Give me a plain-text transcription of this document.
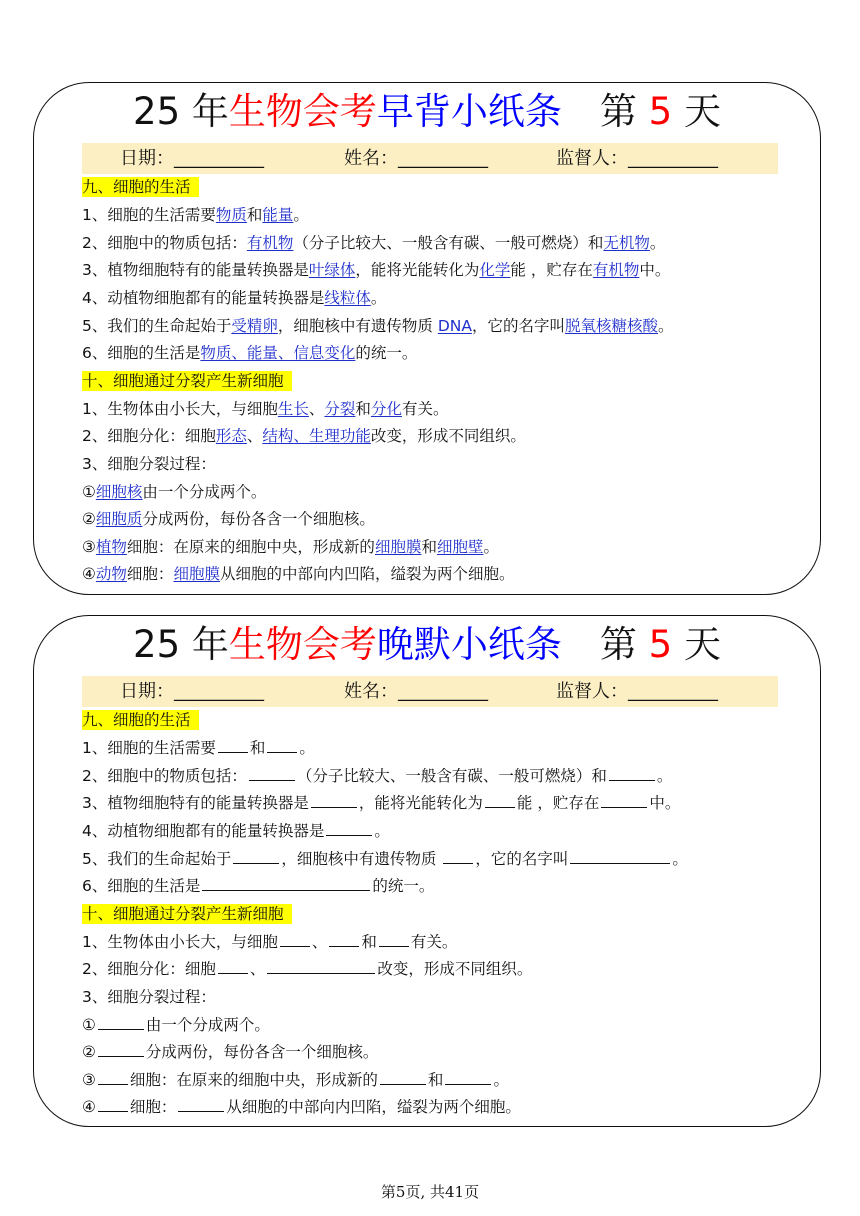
25 年生物会考早背小纸条 第 5 天
日期：__________	姓名：__________	监督人：__________
九、细胞的生活
1、细胞的生活需要物质和能量。
2、细胞中的物质包括：有机物（分子比较大、一般含有碳、一般可燃烧）和无机物。
3、植物细胞特有的能量转换器是叶绿体，能将光能转化为化学能 ，贮存在有机物中。
4、动植物细胞都有的能量转换器是线粒体。
5、我们的生命起始于受精卵，细胞核中有遗传物质 DNA，它的名字叫脱氧核糖核酸。
6、细胞的生活是物质、能量、信息变化的统一。
十、细胞通过分裂产生新细胞
1、生物体由小长大，与细胞生长、分裂和分化有关。
2、细胞分化：细胞形态、结构、生理功能改变，形成不同组织。
3、细胞分裂过程：
①细胞核由一个分成两个。
②细胞质分成两份，每份各含一个细胞核。
③植物细胞：在原来的细胞中央，形成新的细胞膜和细胞壁。
④动物细胞：细胞膜从细胞的中部向内凹陷，缢裂为两个细胞。
25 年生物会考晚默小纸条 第 5 天
日期：__________	姓名：__________	监督人：__________
九、细胞的生活
1、细胞的生活需要 和 。
2、细胞中的物质包括：	（分子比较大、一般含有碳、一般可燃烧）和	。
3、植物细胞特有的能量转换器是	，能将光能转化为 能 ，贮存在	中。
4、动植物细胞都有的能量转换器是	。
5、我们的生命起始于	，细胞核中有遗传物质 ，它的名字叫	。
6、细胞的生活是	的统一。
十、细胞通过分裂产生新细胞
1、生物体由小长大，与细胞 、 和 有关。
2、细胞分化：细胞 、	改变，形成不同组织。
3、细胞分裂过程：
①	由一个分成两个。
②	分成两份，每份各含一个细胞核。
③ 细胞：在原来的细胞中央，形成新的	和	。
④ 细胞：	从细胞的中部向内凹陷，缢裂为两个细胞。
第5页, 共41页
